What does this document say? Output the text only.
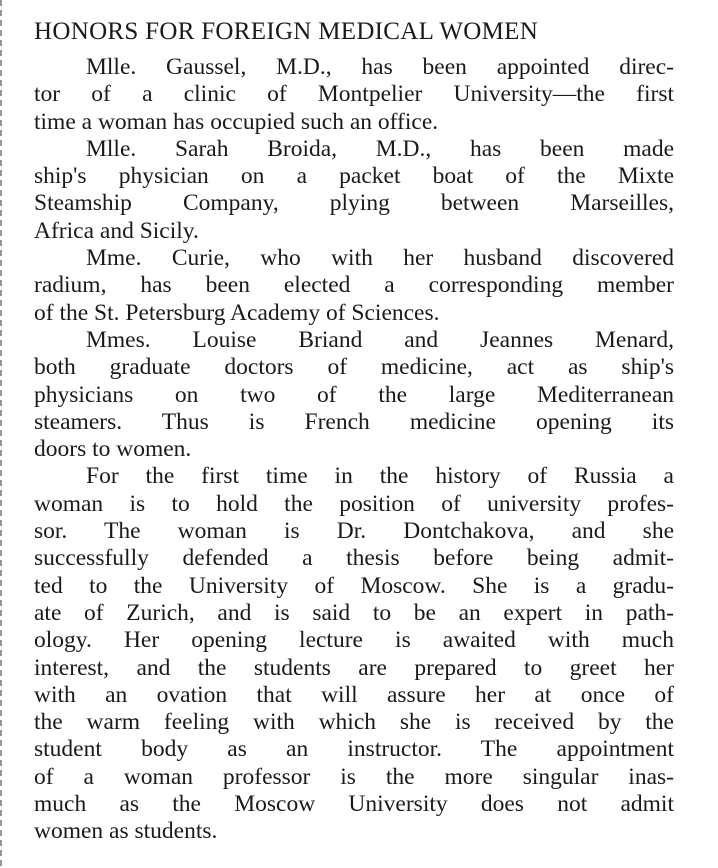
HONORS FOR FOREIGN MEDICAL WOMEN
Mlle. Gaussel, M.D., has been appointed direc-
tor of a clinic of Montpelier University—the first
time a woman has occupied such an office.
Mlle. Sarah Broida, M.D., has been made
ship's physician on a packet boat of the Mixte
Steamship Company, plying between Marseilles,
Africa and Sicily.
Mme. Curie, who with her husband discovered
radium, has been elected a corresponding member
of the St. Petersburg Academy of Sciences.
Mmes. Louise Briand and Jeannes Menard,
both graduate doctors of medicine, act as ship's
physicians on two of the large Mediterranean
steamers. Thus is French medicine opening its
doors to women.
For the first time in the history of Russia a
woman is to hold the position of university profes-
sor. The woman is Dr. Dontchakova, and she
successfully defended a thesis before being admit-
ted to the University of Moscow. She is a gradu-
ate of Zurich, and is said to be an expert in path-
ology. Her opening lecture is awaited with much
interest, and the students are prepared to greet her
with an ovation that will assure her at once of
the warm feeling with which she is received by the
student body as an instructor. The appointment
of a woman professor is the more singular inas-
much as the Moscow University does not admit
women as students.
